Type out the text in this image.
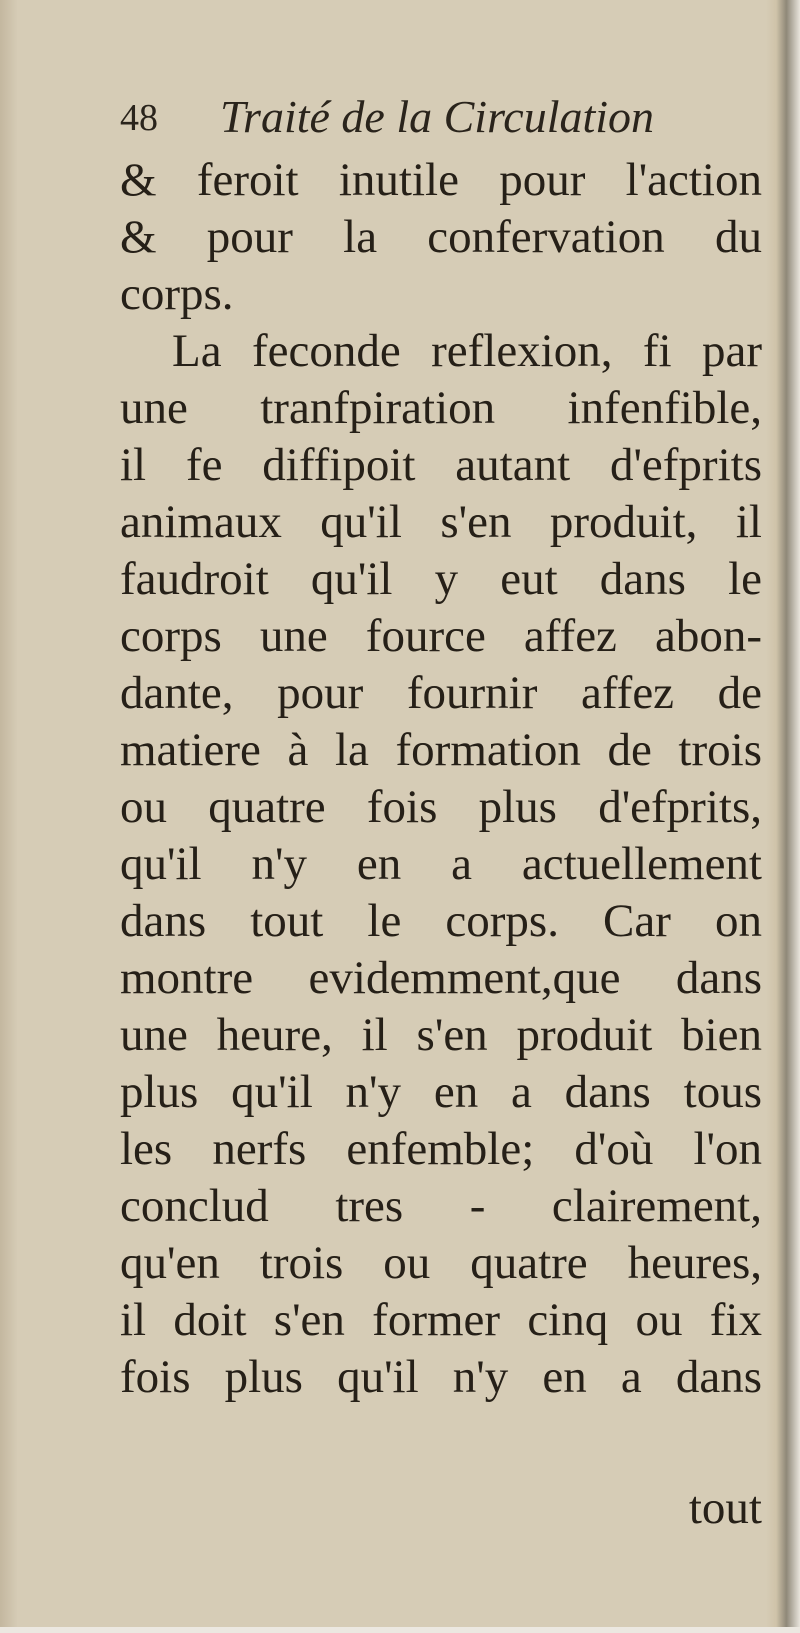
48 Traité de la Circulation
& feroit inutile pour l'action
& pour la confervation du
corps.
La feconde reflexion, fi par
une tranfpiration infenfible,
il fe diffipoit autant d'efprits
animaux qu'il s'en produit, il
faudroit qu'il y eut dans le
corps une fource affez abon-
dante, pour fournir affez de
matiere à la formation de trois
ou quatre fois plus d'efprits,
qu'il n'y en a actuellement
dans tout le corps. Car on
montre evidemment,que dans
une heure, il s'en produit bien
plus qu'il n'y en a dans tous
les nerfs enfemble; d'où l'on
conclud tres - clairement,
qu'en trois ou quatre heures,
il doit s'en former cinq ou fix
fois plus qu'il n'y en a dans
tout
